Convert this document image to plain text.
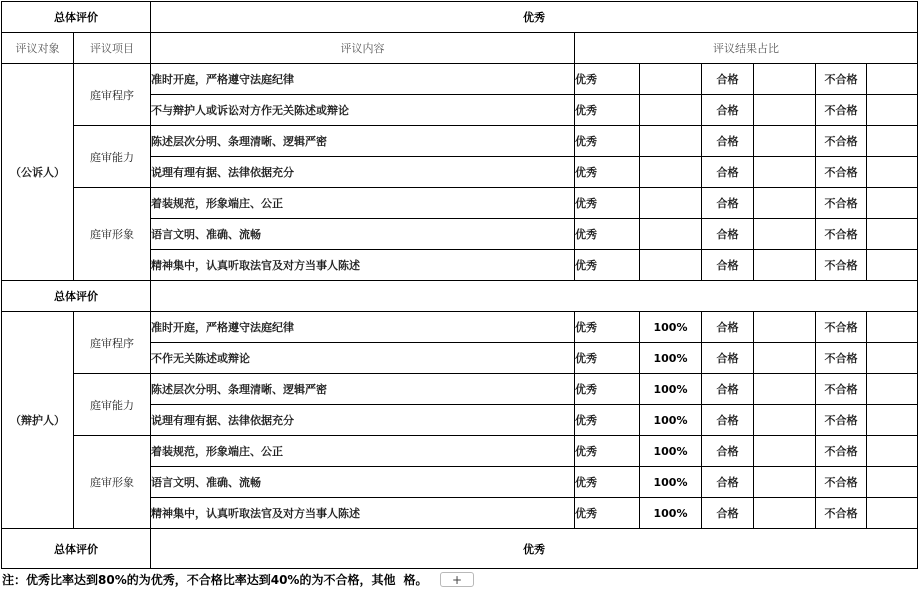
总体评价		优秀						
评议对象	评议项目	评议内容	评议结果占比					
（公诉人）	庭审程序	准时开庭，严格遵守法庭纪律	优秀		合格		不合格	
		不与辩护人或诉讼对方作无关陈述或辩论	优秀		合格		不合格	
	庭审能力	陈述层次分明、条理清晰、逻辑严密	优秀		合格		不合格	
		说理有理有据、法律依据充分	优秀		合格		不合格	
	庭审形象	着装规范，形象端庄、公正	优秀		合格		不合格	
		语言文明、准确、流畅	优秀		合格		不合格	
		精神集中，认真听取法官及对方当事人陈述	优秀		合格		不合格	
总体评价								
（辩护人）	庭审程序	准时开庭，严格遵守法庭纪律	优秀	100%	合格		不合格	
		不作无关陈述或辩论	优秀	100%	合格		不合格	
	庭审能力	陈述层次分明、条理清晰、逻辑严密	优秀	100%	合格		不合格	
		说理有理有据、法律依据充分	优秀	100%	合格		不合格	
	庭审形象	着装规范，形象端庄、公正	优秀	100%	合格		不合格	
		语言文明、准确、流畅	优秀	100%	合格		不合格	
		精神集中，认真听取法官及对方当事人陈述	优秀	100%	合格		不合格	
总体评价		优秀						
注：优秀比率达到80%的为优秀，不合格比率达到40%的为不合格，其他 格。	+
